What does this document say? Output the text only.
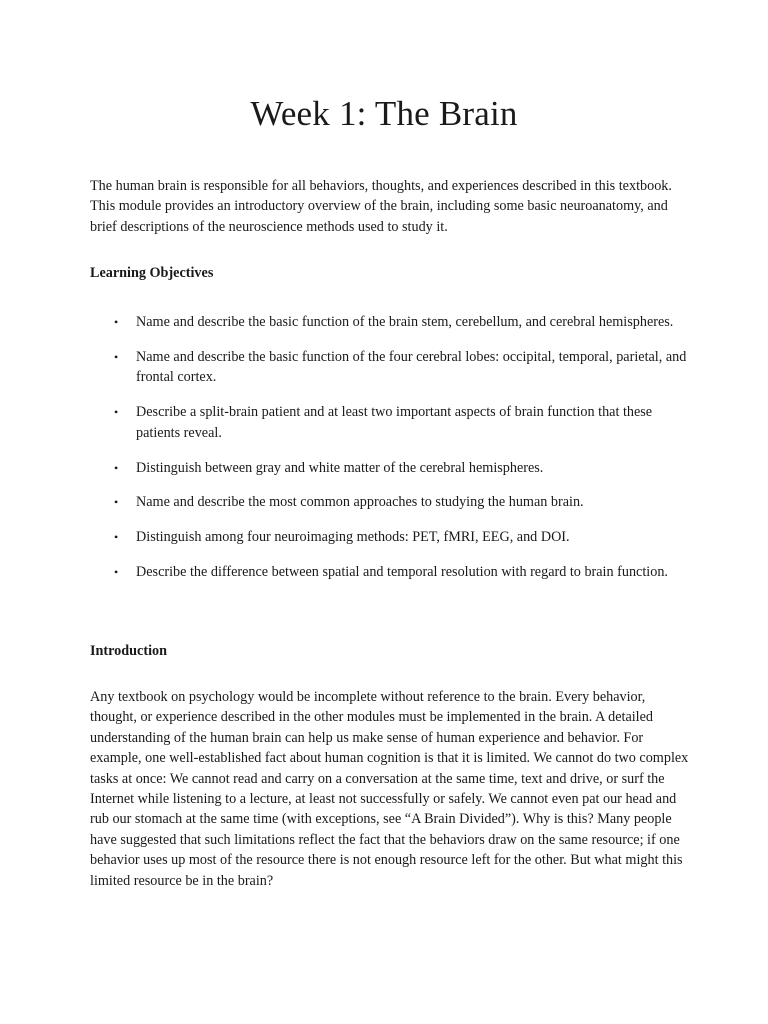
Week 1: The Brain

The human brain is responsible for all behaviors, thoughts, and experiences described in this textbook. This module provides an introductory overview of the brain, including some basic neuroanatomy, and brief descriptions of the neuroscience methods used to study it.

Learning Objectives
• Name and describe the basic function of the brain stem, cerebellum, and cerebral hemispheres.
• Name and describe the basic function of the four cerebral lobes: occipital, temporal, parietal, and frontal cortex.
• Describe a split-brain patient and at least two important aspects of brain function that these patients reveal.
• Distinguish between gray and white matter of the cerebral hemispheres.
• Name and describe the most common approaches to studying the human brain.
• Distinguish among four neuroimaging methods: PET, fMRI, EEG, and DOI.
• Describe the difference between spatial and temporal resolution with regard to brain function.
Introduction

Any textbook on psychology would be incomplete without reference to the brain. Every behavior, thought, or experience described in the other modules must be implemented in the brain. A detailed understanding of the human brain can help us make sense of human experience and behavior. For example, one well-established fact about human cognition is that it is limited. We cannot do two complex tasks at once: We cannot read and carry on a conversation at the same time, text and drive, or surf the Internet while listening to a lecture, at least not successfully or safely. We cannot even pat our head and rub our stomach at the same time (with exceptions, see “A Brain Divided”). Why is this? Many people have suggested that such limitations reflect the fact that the behaviors draw on the same resource; if one behavior uses up most of the resource there is not enough resource left for the other. But what might this limited resource be in the brain?
